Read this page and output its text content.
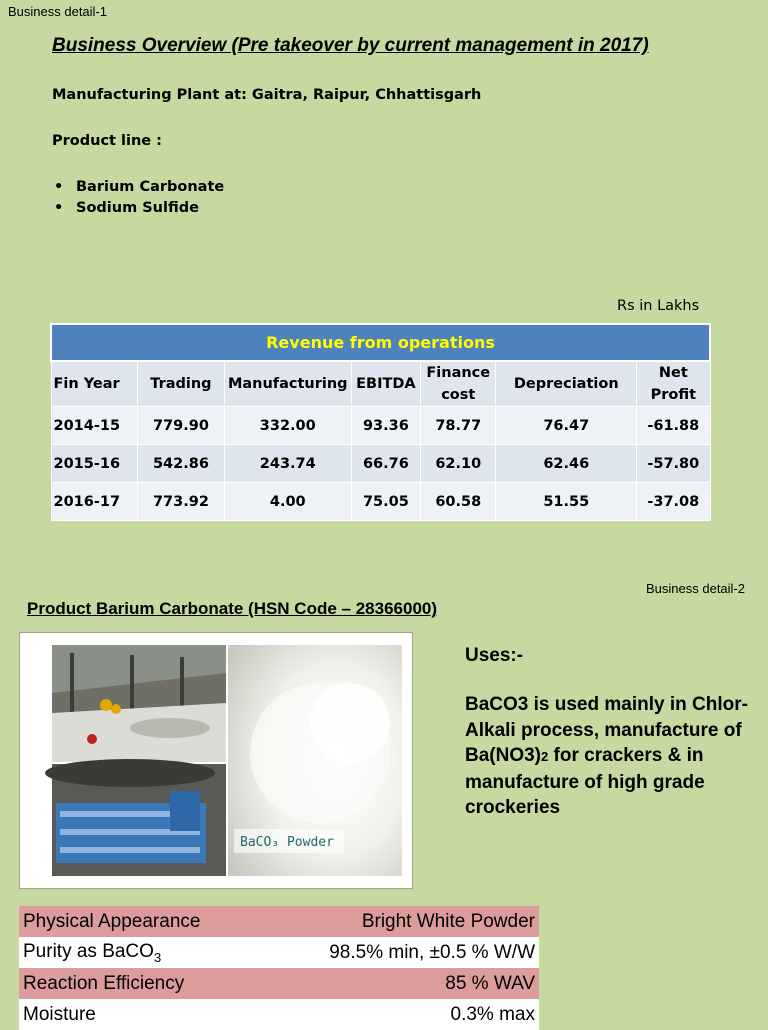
Business detail-1
Business Overview (Pre takeover by current management in 2017)
Manufacturing Plant at: Gaitra, Raipur, Chhattisgarh
Product line :
• Barium Carbonate
• Sodium Sulfide
Rs in Lakhs
Revenue from operations						
Fin Year	Trading	Manufacturing	EBITDA	Finance cost	Depreciation	Net Profit
2014-15	779.90	332.00	93.36	78.77	76.47	-61.88
2015-16	542.86	243.74	66.76	62.10	62.46	-57.80
2016-17	773.92	4.00	75.05	60.58	51.55	-37.08
Business detail-2
Product Barium Carbonate (HSN Code – 28366000)
BaCO₃ Powder
Uses:-
BaCO3 is used mainly in Chlor-Alkali process, manufacture of Ba(NO3)2 for crackers & in manufacture of high grade crockeries
Physical Appearance	Bright White Powder
Purity as BaCO$_3$	98.5% min, ±0.5 % W/W
Reaction Efficiency	85 % WAV
Moisture	0.3% max
